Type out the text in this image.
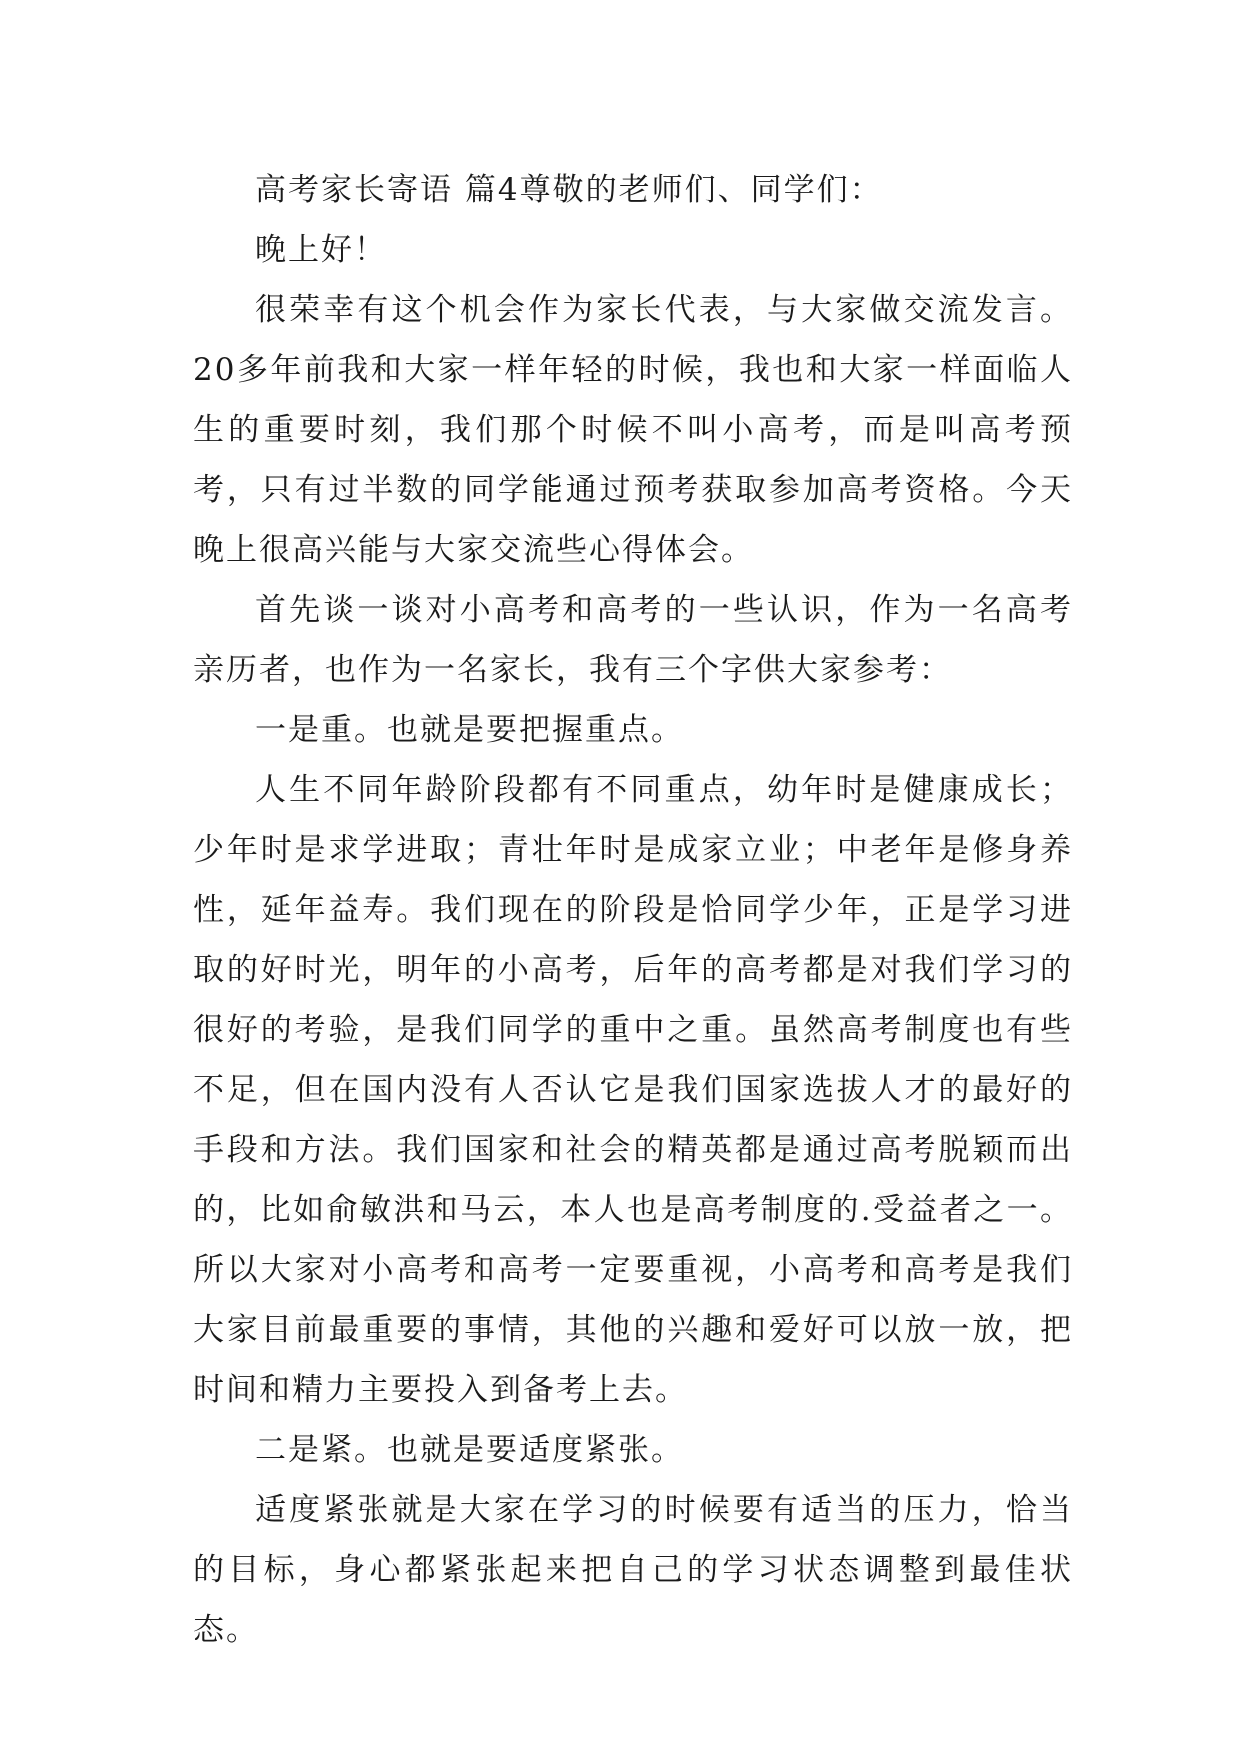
高考家长寄语 篇4尊敬的老师们、同学们：

晚上好！

很荣幸有这个机会作为家长代表，与大家做交流发言。20多年前我和大家一样年轻的时候，我也和大家一样面临人生的重要时刻，我们那个时候不叫小高考，而是叫高考预考，只有过半数的同学能通过预考获取参加高考资格。今天晚上很高兴能与大家交流些心得体会。

首先谈一谈对小高考和高考的一些认识，作为一名高考亲历者，也作为一名家长，我有三个字供大家参考：

一是重。也就是要把握重点。

人生不同年龄阶段都有不同重点，幼年时是健康成长；少年时是求学进取；青壮年时是成家立业；中老年是修身养性，延年益寿。我们现在的阶段是恰同学少年，正是学习进取的好时光，明年的小高考，后年的高考都是对我们学习的很好的考验，是我们同学的重中之重。虽然高考制度也有些不足，但在国内没有人否认它是我们国家选拔人才的最好的手段和方法。我们国家和社会的精英都是通过高考脱颖而出的，比如俞敏洪和马云，本人也是高考制度的.受益者之一。所以大家对小高考和高考一定要重视，小高考和高考是我们大家目前最重要的事情，其他的兴趣和爱好可以放一放，把时间和精力主要投入到备考上去。

二是紧。也就是要适度紧张。

适度紧张就是大家在学习的时候要有适当的压力，恰当的目标，身心都紧张起来把自己的学习状态调整到最佳状态。
